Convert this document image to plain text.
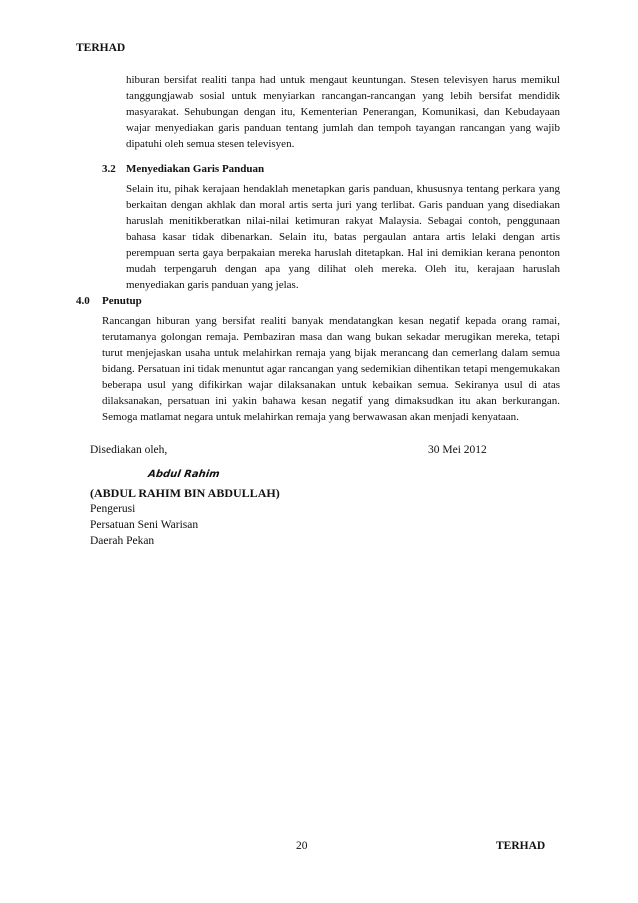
TERHAD
hiburan bersifat realiti tanpa had untuk mengaut keuntungan. Stesen televisyen harus memikul tanggungjawab sosial untuk menyiarkan rancangan-rancangan yang lebih bersifat mendidik masyarakat. Sehubungan dengan itu, Kementerian Penerangan, Komunikasi, dan Kebudayaan wajar menyediakan garis panduan tentang jumlah dan tempoh tayangan rancangan yang wajib dipatuhi oleh semua stesen televisyen.
3.2 Menyediakan Garis Panduan
Selain itu, pihak kerajaan hendaklah menetapkan garis panduan, khususnya tentang perkara yang berkaitan dengan akhlak dan moral artis serta juri yang terlibat. Garis panduan yang disediakan haruslah menitikberatkan nilai-nilai ketimuran rakyat Malaysia. Sebagai contoh, penggunaan bahasa kasar tidak dibenarkan. Selain itu, batas pergaulan antara artis lelaki dengan artis perempuan serta gaya berpakaian mereka haruslah ditetapkan. Hal ini demikian kerana penonton mudah terpengaruh dengan apa yang dilihat oleh mereka. Oleh itu, kerajaan haruslah menyediakan garis panduan yang jelas.
4.0 Penutup
Rancangan hiburan yang bersifat realiti banyak mendatangkan kesan negatif kepada orang ramai, terutamanya golongan remaja. Pembaziran masa dan wang bukan sekadar merugikan mereka, tetapi turut menjejaskan usaha untuk melahirkan remaja yang bijak merancang dan cemerlang dalam semua bidang. Persatuan ini tidak menuntut agar rancangan yang sedemikian dihentikan tetapi mengemukakan beberapa usul yang difikirkan wajar dilaksanakan untuk kebaikan semua. Sekiranya usul di atas dilaksanakan, persatuan ini yakin bahawa kesan negatif yang dimaksudkan itu akan berkurangan. Semoga matlamat negara untuk melahirkan remaja yang berwawasan akan menjadi kenyataan.
Disediakan oleh,	30 Mei 2012
Abdul Rahim
(ABDUL RAHIM BIN ABDULLAH)
Pengerusi
Persatuan Seni Warisan
Daerah Pekan
20	TERHAD
